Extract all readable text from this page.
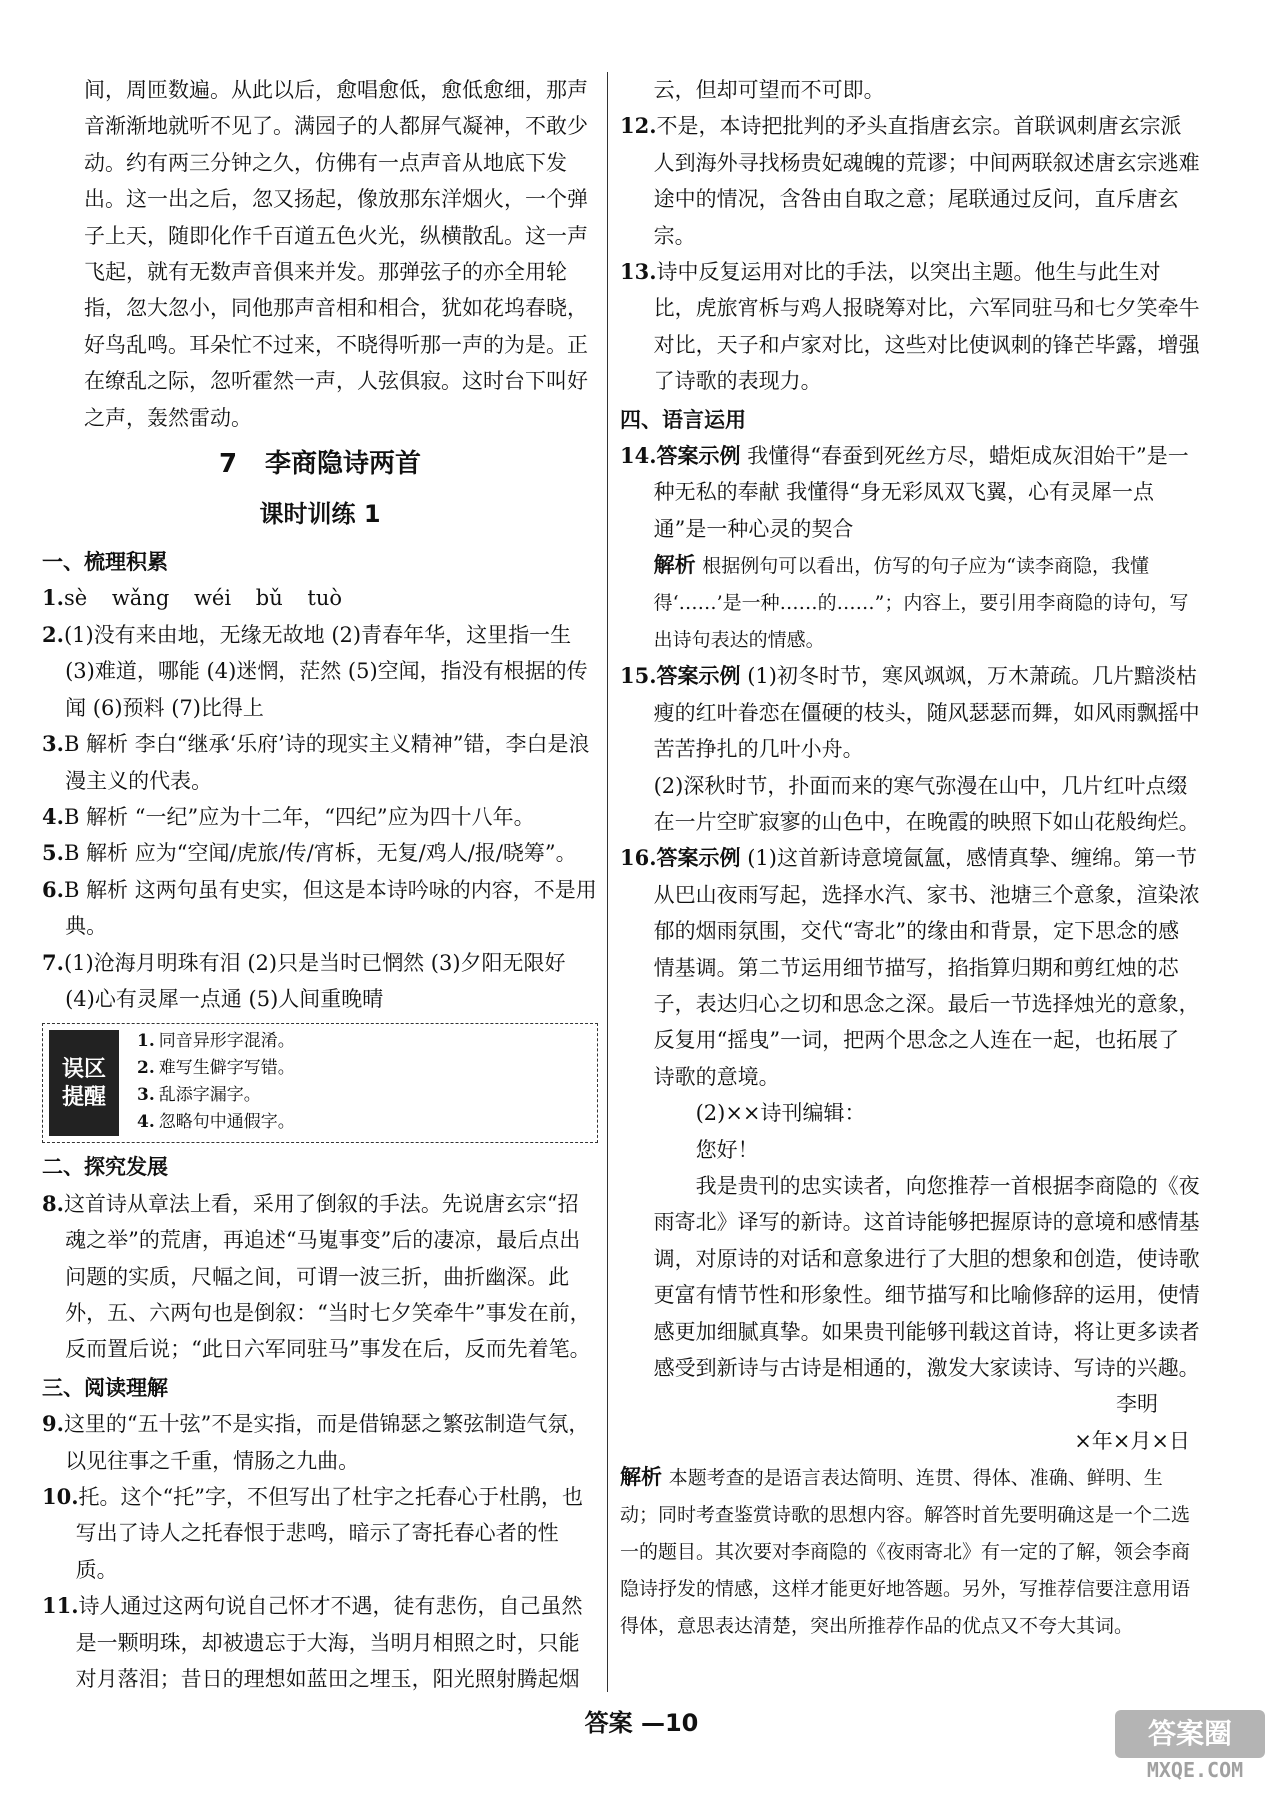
间，周匝数遍。从此以后，愈唱愈低，愈低愈细，那声音渐渐地就听不见了。满园子的人都屏气凝神，不敢少动。约有两三分钟之久，仿佛有一点声音从地底下发出。这一出之后，忽又扬起，像放那东洋烟火，一个弹子上天，随即化作千百道五色火光，纵横散乱。这一声飞起，就有无数声音俱来并发。那弹弦子的亦全用轮指，忽大忽小，同他那声音相和相合，犹如花坞春晓，好鸟乱鸣。耳朵忙不过来，不晓得听那一声的为是。正在缭乱之际，忽听霍然一声，人弦俱寂。这时台下叫好之声，轰然雷动。

7 李商隐诗两首
课时训练 1

一、梳理积累

1.sè wǎng wéi bǔ tuò

2.(1)没有来由地，无缘无故地 (2)青春年华，这里指一生 (3)难道，哪能 (4)迷惘，茫然 (5)空闻，指没有根据的传闻 (6)预料 (7)比得上

3.B 解析 李白“继承‘乐府’诗的现实主义精神”错，李白是浪漫主义的代表。

4.B 解析 “一纪”应为十二年，“四纪”应为四十八年。

5.B 解析 应为“空闻/虎旅/传/宵柝，无复/鸡人/报/晓筹”。

6.B 解析 这两句虽有史实，但这是本诗吟咏的内容，不是用典。

7.(1)沧海月明珠有泪 (2)只是当时已惘然 (3)夕阳无限好 (4)心有灵犀一点通 (5)人间重晚晴

误区
提醒
1. 同音异形字混淆。
2. 难写生僻字写错。
3. 乱添字漏字。
4. 忽略句中通假字。

二、探究发展

8.这首诗从章法上看，采用了倒叙的手法。先说唐玄宗“招魂之举”的荒唐，再追述“马嵬事变”后的凄凉，最后点出问题的实质，尺幅之间，可谓一波三折，曲折幽深。此外，五、六两句也是倒叙：“当时七夕笑牵牛”事发在前，反而置后说；“此日六军同驻马”事发在后，反而先着笔。

三、阅读理解

9.这里的“五十弦”不是实指，而是借锦瑟之繁弦制造气氛，以见往事之千重，情肠之九曲。

10.托。这个“托”字，不但写出了杜宇之托春心于杜鹃，也写出了诗人之托春恨于悲鸣，暗示了寄托春心者的性质。

11.诗人通过这两句说自己怀才不遇，徒有悲伤，自己虽然是一颗明珠，却被遗忘于大海，当明月相照之时，只能对月落泪；昔日的理想如蓝田之埋玉，阳光照射腾起烟

云，但却可望而不可即。

12.不是，本诗把批判的矛头直指唐玄宗。首联讽刺唐玄宗派人到海外寻找杨贵妃魂魄的荒谬；中间两联叙述唐玄宗逃难途中的情况，含咎由自取之意；尾联通过反问，直斥唐玄宗。

13.诗中反复运用对比的手法，以突出主题。他生与此生对比，虎旅宵柝与鸡人报晓筹对比，六军同驻马和七夕笑牵牛对比，天子和卢家对比，这些对比使讽刺的锋芒毕露，增强了诗歌的表现力。

四、语言运用

14.答案示例 我懂得“春蚕到死丝方尽，蜡炬成灰泪始干”是一种无私的奉献 我懂得“身无彩凤双飞翼，心有灵犀一点通”是一种心灵的契合

解析 根据例句可以看出，仿写的句子应为“读李商隐，我懂得‘……’是一种……的……”；内容上，要引用李商隐的诗句，写出诗句表达的情感。

15.答案示例 (1)初冬时节，寒风飒飒，万木萧疏。几片黯淡枯瘦的红叶眷恋在僵硬的枝头，随风瑟瑟而舞，如风雨飘摇中苦苦挣扎的几叶小舟。

(2)深秋时节，扑面而来的寒气弥漫在山中，几片红叶点缀在一片空旷寂寥的山色中，在晚霞的映照下如山花般绚烂。

16.答案示例 (1)这首新诗意境氤氲，感情真挚、缠绵。第一节从巴山夜雨写起，选择水汽、家书、池塘三个意象，渲染浓郁的烟雨氛围，交代“寄北”的缘由和背景，定下思念的感情基调。第二节运用细节描写，掐指算归期和剪红烛的芯子，表达归心之切和思念之深。最后一节选择烛光的意象，反复用“摇曳”一词，把两个思念之人连在一起，也拓展了诗歌的意境。

(2)××诗刊编辑：

您好！

我是贵刊的忠实读者，向您推荐一首根据李商隐的《夜雨寄北》译写的新诗。这首诗能够把握原诗的意境和感情基调，对原诗的对话和意象进行了大胆的想象和创造，使诗歌更富有情节性和形象性。细节描写和比喻修辞的运用，使情感更加细腻真挚。如果贵刊能够刊载这首诗，将让更多读者感受到新诗与古诗是相通的，激发大家读诗、写诗的兴趣。

李明

×年×月×日

解析 本题考查的是语言表达简明、连贯、得体、准确、鲜明、生动；同时考查鉴赏诗歌的思想内容。解答时首先要明确这是一个二选一的题目。其次要对李商隐的《夜雨寄北》有一定的了解，领会李商隐诗抒发的情感，这样才能更好地答题。另外，写推荐信要注意用语得体，意思表达清楚，突出所推荐作品的优点又不夸大其词。

答案 —10	答案圈
MXQE.COM
